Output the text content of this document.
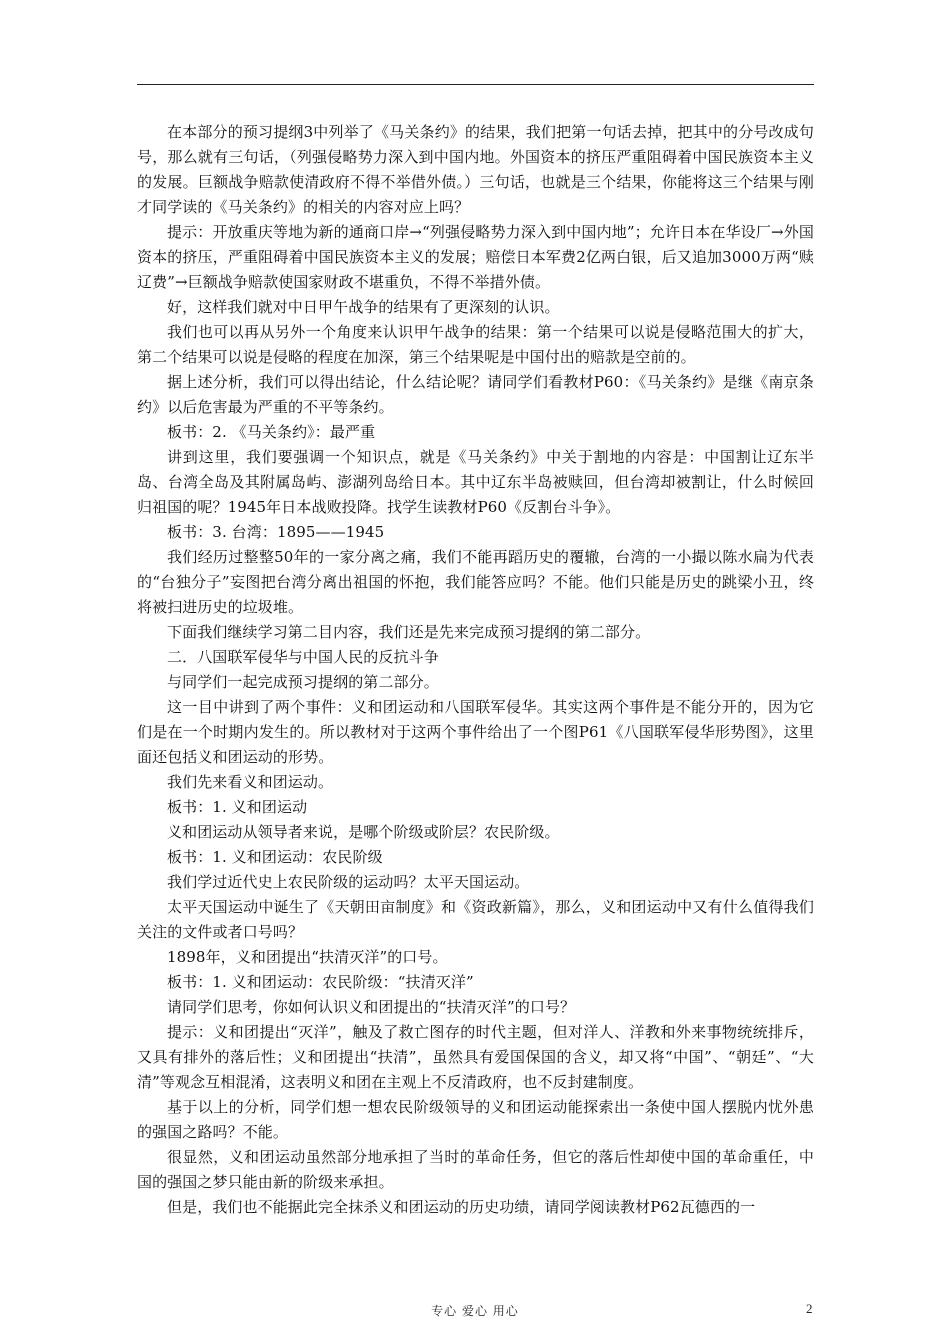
在本部分的预习提纲3中列举了《马关条约》的结果，我们把第一句话去掉，把其中的分号改成句号，那么就有三句话，（列强侵略势力深入到中国内地。外国资本的挤压严重阻碍着中国民族资本主义的发展。巨额战争赔款使清政府不得不举借外债。）三句话，也就是三个结果，你能将这三个结果与刚才同学读的《马关条约》的相关的内容对应上吗？

提示：开放重庆等地为新的通商口岸→“列强侵略势力深入到中国内地”；允许日本在华设厂→外国资本的挤压，严重阻碍着中国民族资本主义的发展；赔偿日本军费2亿两白银，后又追加3000万两“赎辽费”→巨额战争赔款使国家财政不堪重负，不得不举措外债。

好，这样我们就对中日甲午战争的结果有了更深刻的认识。

我们也可以再从另外一个角度来认识甲午战争的结果：第一个结果可以说是侵略范围大的扩大，第二个结果可以说是侵略的程度在加深，第三个结果呢是中国付出的赔款是空前的。

据上述分析，我们可以得出结论，什么结论呢？请同学们看教材P60：《马关条约》是继《南京条约》以后危害最为严重的不平等条约。

板书：2. 《马关条约》：最严重

讲到这里，我们要强调一个知识点，就是《马关条约》中关于割地的内容是：中国割让辽东半岛、台湾全岛及其附属岛屿、澎湖列岛给日本。其中辽东半岛被赎回，但台湾却被割让，什么时候回归祖国的呢？1945年日本战败投降。找学生读教材P60《反割台斗争》。

板书：3. 台湾：1895——1945

我们经历过整整50年的一家分离之痛，我们不能再蹈历史的覆辙，台湾的一小撮以陈水扁为代表的“台独分子”妄图把台湾分离出祖国的怀抱，我们能答应吗？不能。他们只能是历史的跳梁小丑，终将被扫进历史的垃圾堆。

下面我们继续学习第二目内容，我们还是先来完成预习提纲的第二部分。

二．八国联军侵华与中国人民的反抗斗争

与同学们一起完成预习提纲的第二部分。

这一目中讲到了两个事件：义和团运动和八国联军侵华。其实这两个事件是不能分开的，因为它们是在一个时期内发生的。所以教材对于这两个事件给出了一个图P61《八国联军侵华形势图》，这里面还包括义和团运动的形势。

我们先来看义和团运动。

板书：1. 义和团运动

义和团运动从领导者来说，是哪个阶级或阶层？农民阶级。

板书：1. 义和团运动：农民阶级

我们学过近代史上农民阶级的运动吗？太平天国运动。

太平天国运动中诞生了《天朝田亩制度》和《资政新篇》，那么，义和团运动中又有什么值得我们关注的文件或者口号吗？

1898年，义和团提出“扶清灭洋”的口号。

板书：1. 义和团运动：农民阶级：“扶清灭洋”

请同学们思考，你如何认识义和团提出的“扶清灭洋”的口号？

提示：义和团提出“灭洋”，触及了救亡图存的时代主题，但对洋人、洋教和外来事物统统排斥，又具有排外的落后性；义和团提出“扶清”，虽然具有爱国保国的含义，却又将“中国”、“朝廷”、“大清”等观念互相混淆，这表明义和团在主观上不反清政府，也不反封建制度。

基于以上的分析，同学们想一想农民阶级领导的义和团运动能探索出一条使中国人摆脱内忧外患的强国之路吗？不能。

很显然，义和团运动虽然部分地承担了当时的革命任务，但它的落后性却使中国的革命重任，中国的强国之梦只能由新的阶级来承担。

但是，我们也不能据此完全抹杀义和团运动的历史功绩，请同学阅读教材P62瓦德西的一

专心 爱心 用心	2
